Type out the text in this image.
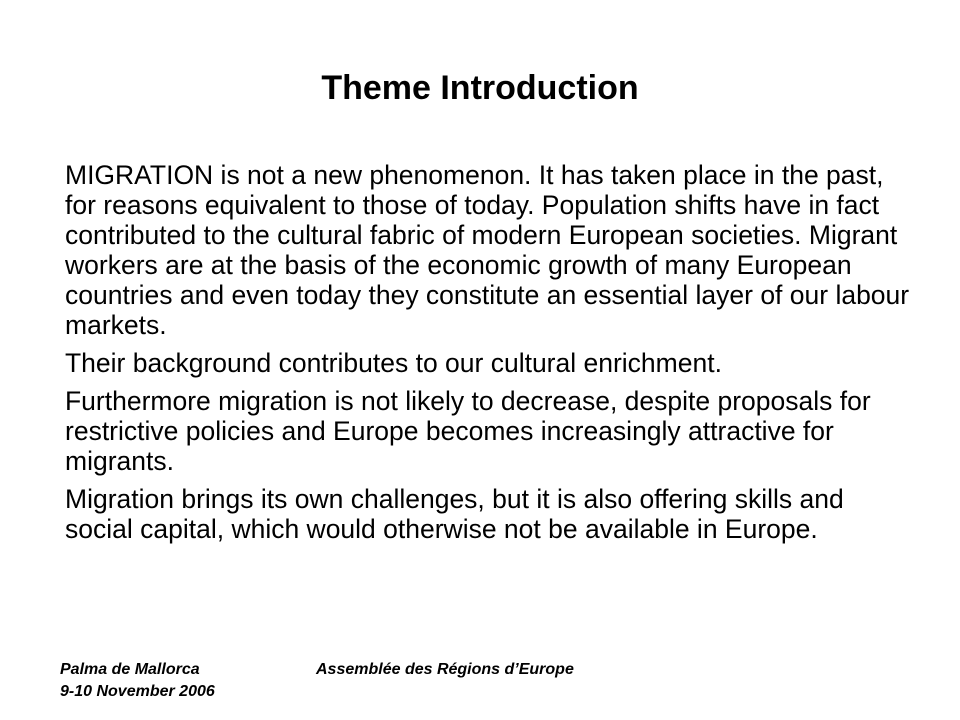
Theme Introduction

MIGRATION is not a new phenomenon. It has taken place in the past, for reasons equivalent to those of today. Population shifts have in fact contributed to the cultural fabric of modern European societies. Migrant workers are at the basis of the economic growth of many European countries and even today they constitute an essential layer of our labour markets.

Their background contributes to our cultural enrichment.

Furthermore migration is not likely to decrease, despite proposals for restrictive policies and Europe becomes increasingly attractive for migrants.

Migration brings its own challenges, but it is also offering skills and social capital, which would otherwise not be available in Europe.

Palma de Mallorca
9-10 November 2006
Assemblée des Régions d’Europe
